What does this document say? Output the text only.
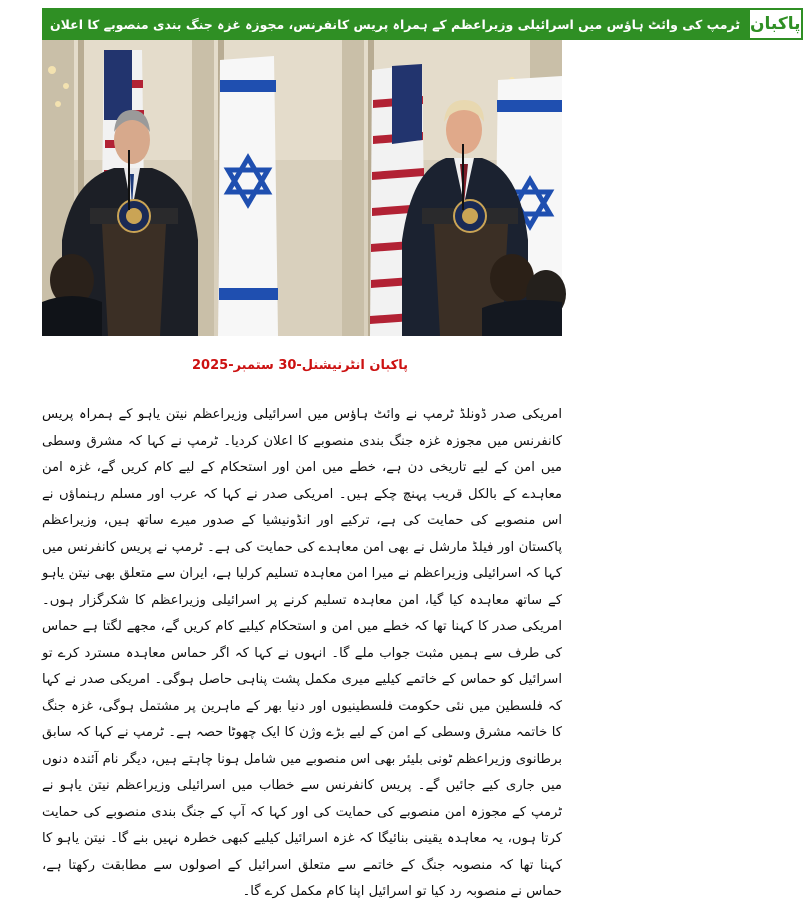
ٹرمپ کی وائٹ ہاؤس میں اسرائیلی وزیراعظم کے ہمراہ پریس کانفرنس، مجوزہ غزہ جنگ بندی منصوبے کا اعلان پاکبان
پاکبان انٹرنیشنل-30 ستمبر-2025
امریکی صدر ڈونلڈ ٹرمپ نے وائٹ ہاؤس میں اسرائیلی وزیراعظم نیتن یاہو کے ہمراہ پریس کانفرنس میں مجوزہ غزہ جنگ بندی منصوبے کا اعلان کردیا۔ ٹرمپ نے کہا کہ مشرق وسطی میں امن کے لیے تاریخی دن ہے، خطے میں امن اور استحکام کے لیے کام کریں گے، غزہ امن معاہدے کے بالکل قریب پہنچ چکے ہیں۔ امریکی صدر نے کہا کہ عرب اور مسلم رہنماؤں نے اس منصوبے کی حمایت کی ہے، ترکیے اور انڈونیشیا کے صدور میرے ساتھ ہیں، وزیراعظم پاکستان اور فیلڈ مارشل نے بھی امن معاہدے کی حمایت کی ہے۔ ٹرمپ نے پریس کانفرنس میں کہا کہ اسرائیلی وزیراعظم نے میرا امن معاہدہ تسلیم کرلیا ہے، ایران سے متعلق بھی نیتن یاہو کے ساتھ معاہدہ کیا گیا، امن معاہدہ تسلیم کرنے پر اسرائیلی وزیراعظم کا شکرگزار ہوں۔ امریکی صدر کا کہنا تھا کہ خطے میں امن و استحکام کیلیے کام کریں گے، مجھے لگتا ہے حماس کی طرف سے ہمیں مثبت جواب ملے گا۔ انہوں نے کہا کہ اگر حماس معاہدہ مسترد کرے تو اسرائیل کو حماس کے خاتمے کیلیے میری مکمل پشت پناہی حاصل ہوگی۔ امریکی صدر نے کہا کہ فلسطین میں نئی حکومت فلسطینیوں اور دنیا بھر کے ماہرین پر مشتمل ہوگی، غزہ جنگ کا خاتمہ مشرق وسطی کے امن کے لیے بڑے وژن کا ایک چھوٹا حصہ ہے۔ ٹرمپ نے کہا کہ سابق برطانوی وزیراعظم ٹونی بلیئر بھی اس منصوبے میں شامل ہونا چاہتے ہیں، دیگر نام آئندہ دنوں میں جاری کیے جائیں گے۔ پریس کانفرنس سے خطاب میں اسرائیلی وزیراعظم نیتن یاہو نے ٹرمپ کے مجوزہ امن منصوبے کی حمایت کی اور کہا کہ آپ کے جنگ بندی منصوبے کی حمایت کرتا ہوں، یہ معاہدہ یقینی بنائیگا کہ غزہ اسرائیل کیلیے کبھی خطرہ نہیں بنے گا۔ نیتن یاہو کا کہنا تھا کہ منصوبہ جنگ کے خاتمے سے متعلق اسرائیل کے اصولوں سے مطابقت رکھتا ہے، حماس نے منصوبہ رد کیا تو اسرائیل اپنا کام مکمل کرے گا۔
